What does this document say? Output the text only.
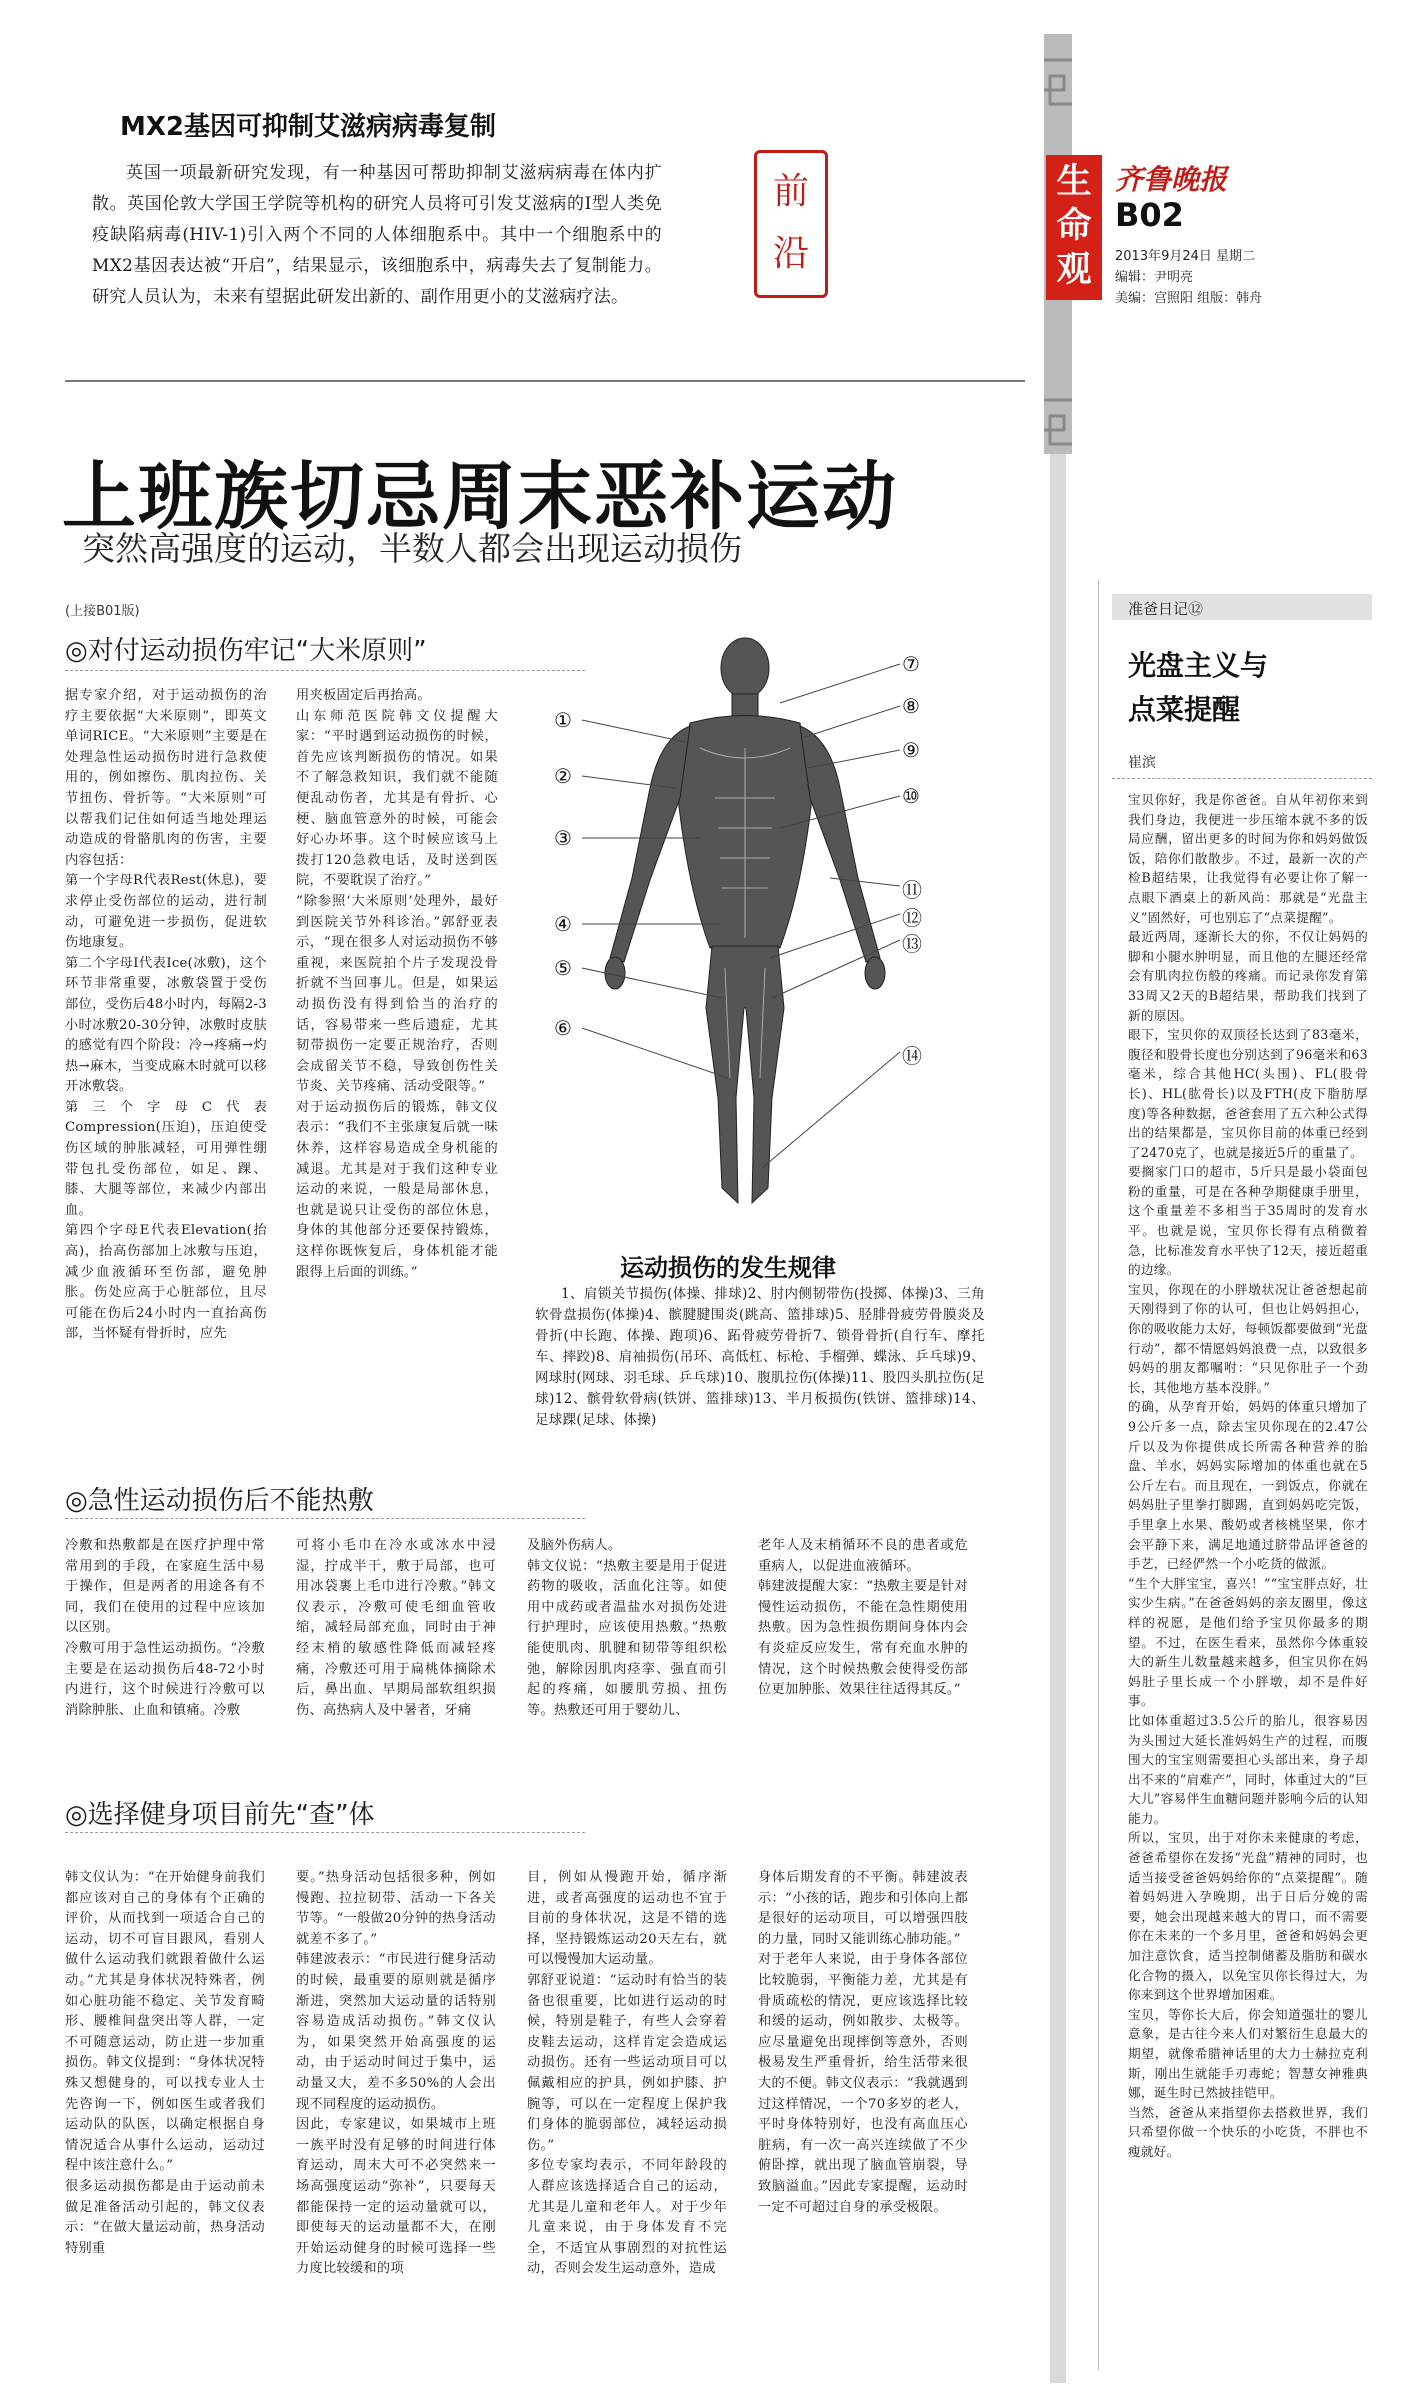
生命观
齐鲁晚报
B02
2013年9月24日 星期二
编辑：尹明亮
美编：宫照阳 组版：韩舟
MX2基因可抑制艾滋病病毒复制
英国一项最新研究发现，有一种基因可帮助抑制艾滋病病毒在体内扩散。英国伦敦大学国王学院等机构的研究人员将可引发艾滋病的Ⅰ型人类免疫缺陷病毒(HIV-1)引入两个不同的人体细胞系中。其中一个细胞系中的MX2基因表达被“开启”，结果显示，该细胞系中，病毒失去了复制能力。研究人员认为，未来有望据此研发出新的、副作用更小的艾滋病疗法。
前沿
上班族切忌周末恶补运动
突然高强度的运动，半数人都会出现运动损伤
(上接B01版)
◎对付运动损伤牢记“大米原则”
据专家介绍，对于运动损伤的治疗主要依据“大米原则”，即英文单词RICE。“大米原则”主要是在处理急性运动损伤时进行急救使用的，例如擦伤、肌肉拉伤、关节扭伤、骨折等。“大米原则”可以帮我们记住如何适当地处理运动造成的骨骼肌肉的伤害，主要内容包括：
第一个字母R代表Rest(休息)，要求停止受伤部位的运动，进行制动，可避免进一步损伤，促进软伤地康复。
第二个字母I代表Ice(冰敷)，这个环节非常重要，冰敷袋置于受伤部位，受伤后48小时内，每隔2-3小时冰敷20-30分钟，冰敷时皮肤的感觉有四个阶段：冷→疼痛→灼热→麻木，当变成麻木时就可以移开冰敷袋。
第三个字母C代表Compression(压迫)，压迫使受伤区域的肿胀减轻，可用弹性绷带包扎受伤部位，如足、踝、膝、大腿等部位，来减少内部出血。
第四个字母E代表Elevation(抬高)，抬高伤部加上冰敷与压迫，减少血液循环至伤部，避免肿胀。伤处应高于心脏部位，且尽可能在伤后24小时内一直抬高伤部，当怀疑有骨折时，应先
用夹板固定后再抬高。
山东师范医院韩文仪提醒大家：“平时遇到运动损伤的时候，首先应该判断损伤的情况。如果不了解急救知识，我们就不能随便乱动伤者，尤其是有骨折、心梗、脑血管意外的时候，可能会好心办坏事。这个时候应该马上拨打120急救电话，及时送到医院，不要耽误了治疗。”
“除参照‘大米原则’处理外，最好到医院关节外科诊治。”郭舒亚表示，“现在很多人对运动损伤不够重视，来医院拍个片子发现没骨折就不当回事儿。但是，如果运动损伤没有得到恰当的治疗的话，容易带来一些后遗症，尤其韧带损伤一定要正规治疗，否则会成留关节不稳，导致创伤性关节炎、关节疼痛、活动受限等。”
对于运动损伤后的锻炼，韩文仪表示：“我们不主张康复后就一味休养，这样容易造成全身机能的减退。尤其是对于我们这种专业运动的来说，一般是局部休息，也就是说只让受伤的部位休息，身体的其他部分还要保持锻炼，这样你既恢复后，身体机能才能跟得上后面的训练。”
①
②
③
④
⑤
⑥
⑦
⑧
⑨
⑩
⑪
⑫
⑬
⑭
运动损伤的发生规律
1、肩锁关节损伤(体操、排球)2、肘内侧韧带伤(投掷、体操)3、三角软骨盘损伤(体操)4、髌腱腱围炎(跳高、篮排球)5、胫腓骨疲劳骨膜炎及骨折(中长跑、体操、跑项)6、跖骨疲劳骨折7、锁骨骨折(自行车、摩托车、摔跤)8、肩袖损伤(吊环、高低杠、标枪、手榴弹、蝶泳、乒乓球)9、网球肘(网球、羽毛球、乒乓球)10、腹肌拉伤(体操)11、股四头肌拉伤(足球)12、髌骨软骨病(铁饼、篮排球)13、半月板损伤(铁饼、篮排球)14、足球踝(足球、体操)
◎急性运动损伤后不能热敷
冷敷和热敷都是在医疗护理中常常用到的手段，在家庭生活中易于操作，但是两者的用途各有不同，我们在使用的过程中应该加以区别。
冷敷可用于急性运动损伤。“冷敷主要是在运动损伤后48-72小时内进行，这个时候进行冷敷可以消除肿胀、止血和镇痛。冷敷
可将小毛巾在冷水或冰水中浸湿，拧成半干，敷于局部，也可用冰袋裹上毛巾进行冷敷。”韩文仪表示，冷敷可使毛细血管收缩，减轻局部充血，同时由于神经末梢的敏感性降低而减轻疼痛，冷敷还可用于扁桃体摘除术后，鼻出血、早期局部软组织损伤、高热病人及中暑者，牙痛
及脑外伤病人。
韩文仪说：“热敷主要是用于促进药物的吸收，活血化注等。如使用中成药或者温盐水对损伤处进行护理时，应该使用热敷。”热敷能使肌肉、肌腱和韧带等组织松弛，解除因肌肉痉挛、强直而引起的疼痛，如腰肌劳损、扭伤等。热敷还可用于婴幼儿、
老年人及末梢循环不良的患者或危重病人，以促进血液循环。
韩建波提醒大家：“热敷主要是针对慢性运动损伤，不能在急性期使用热敷。因为急性损伤期间身体内会有炎症反应发生，常有充血水肿的情况，这个时候热敷会使得受伤部位更加肿胀、效果往往适得其反。”
◎选择健身项目前先“查”体
韩文仪认为：“在开始健身前我们都应该对自己的身体有个正确的评价，从而找到一项适合自己的运动，切不可盲目跟风，看别人做什么运动我们就跟着做什么运动。”尤其是身体状况特殊者，例如心脏功能不稳定、关节发育畸形、腰椎间盘突出等人群，一定不可随意运动，防止进一步加重损伤。韩文仪提到：“身体状况特殊又想健身的，可以找专业人士先咨询一下，例如医生或者我们运动队的队医，以确定根据自身情况适合从事什么运动，运动过程中该注意什么。”
很多运动损伤都是由于运动前未做足准备活动引起的，韩文仪表示：“在做大量运动前，热身活动特别重
要。”热身活动包括很多种，例如慢跑、拉拉韧带、活动一下各关节等。“一般做20分钟的热身活动就差不多了。”
韩建波表示：“市民进行健身活动的时候，最重要的原则就是循序渐进，突然加大运动量的话特别容易造成活动损伤。”韩文仪认为，如果突然开始高强度的运动，由于运动时间过于集中，运动量又大，差不多50%的人会出现不同程度的运动损伤。
因此，专家建议，如果城市上班一族平时没有足够的时间进行体育运动，周末大可不必突然来一场高强度运动“弥补”，只要每天都能保持一定的运动量就可以，即使每天的运动量都不大，在刚开始运动健身的时候可选择一些力度比较缓和的项
目，例如从慢跑开始，循序渐进，或者高强度的运动也不宜于目前的身体状况，这是不错的选择，坚持锻炼运动20天左右，就可以慢慢加大运动量。
郭舒亚说道：“运动时有恰当的装备也很重要，比如进行运动的时候，特别是鞋子，有些人会穿着皮鞋去运动，这样肯定会造成运动损伤。还有一些运动项目可以佩戴相应的护具，例如护膝、护腕等，可以在一定程度上保护我们身体的脆弱部位，减轻运动损伤。”
多位专家均表示，不同年龄段的人群应该选择适合自己的运动，尤其是儿童和老年人。对于少年儿童来说，由于身体发育不完全，不适宜从事剧烈的对抗性运动，否则会发生运动意外，造成
身体后期发育的不平衡。韩建波表示：“小孩的话，跑步和引体向上都是很好的运动项目，可以增强四肢的力量，同时又能训练心肺功能。”
对于老年人来说，由于身体各部位比较脆弱，平衡能力差，尤其是有骨质疏松的情况，更应该选择比较和缓的运动，例如散步、太极等。应尽量避免出现摔倒等意外，否则极易发生严重骨折，给生活带来很大的不便。韩文仪表示：“我就遇到过这样情况，一个70多岁的老人，平时身体特别好，也没有高血压心脏病，有一次一高兴连续做了不少俯卧撑，就出现了脑血管崩裂，导致脑溢血。”因此专家提醒，运动时一定不可超过自身的承受极限。
准爸日记⑫
光盘主义与
点菜提醒
崔滨
宝贝你好，我是你爸爸。自从年初你来到我们身边，我便进一步压缩本就不多的饭局应酬，留出更多的时间为你和妈妈做饭饭，陪你们散散步。不过，最新一次的产检B超结果，让我觉得有必要让你了解一点眼下酒桌上的新风尚：那就是“光盘主义”固然好，可也别忘了“点菜提醒”。
最近两周，逐渐长大的你，不仅让妈妈的脚和小腿水肿明显，而且他的左腿还经常会有肌肉拉伤般的疼痛。而记录你发育第33周又2天的B超结果，帮助我们找到了新的原因。
眼下，宝贝你的双顶径长达到了83毫米，腹径和股骨长度也分别达到了96毫米和63毫米，综合其他HC(头围)、FL(股骨长)、HL(肱骨长)以及FTH(皮下脂肪厚度)等各种数据，爸爸套用了五六种公式得出的结果都是，宝贝你目前的体重已经到了2470克了，也就是接近5斤的重量了。
要搁家门口的超市，5斤只是最小袋面包粉的重量，可是在各种孕期健康手册里，这个重量差不多相当于35周时的发育水平。也就是说，宝贝你长得有点稍微着急，比标准发育水平快了12天，接近超重的边缘。
宝贝，你现在的小胖墩状况让爸爸想起前天刚得到了你的认可，但也让妈妈担心，你的吸收能力太好，每顿饭都要做到“光盘行动”，都不情愿妈妈浪费一点，以致很多妈妈的朋友都嘱咐：“只见你肚子一个劲长，其他地方基本没胖。”
的确，从孕育开始，妈妈的体重只增加了9公斤多一点，除去宝贝你现在的2.47公斤以及为你提供成长所需各种营养的胎盘、羊水，妈妈实际增加的体重也就在5公斤左右。而且现在，一到饭点，你就在妈妈肚子里拳打脚踢，直到妈妈吃完饭，手里拿上水果、酸奶或者核桃坚果，你才会平静下来，满足地通过脐带品评爸爸的手艺，已经俨然一个小吃货的做派。
“生个大胖宝宝，喜兴！”“宝宝胖点好，壮实少生病。”在爸爸妈妈的亲友圈里，像这样的祝愿，是他们给予宝贝你最多的期望。不过，在医生看来，虽然你今体重较大的新生儿数量越来越多，但宝贝你在妈妈肚子里长成一个小胖墩，却不是件好事。
比如体重超过3.5公斤的胎儿，很容易因为头围过大延长准妈妈生产的过程，而腹围大的宝宝则需要担心头部出来，身子却出不来的“肩难产”，同时，体重过大的“巨大儿”容易伴生血糖问题并影响今后的认知能力。
所以，宝贝，出于对你未来健康的考虑，爸爸希望你在发扬“光盘”精神的同时，也适当接受爸爸妈妈给你的“点菜提醒”。随着妈妈进入孕晚期，出于日后分娩的需要，她会出现越来越大的胃口，而不需要你在未来的一个多月里，爸爸和妈妈会更加注意饮食，适当控制储蓄及脂肪和碳水化合物的摄入，以免宝贝你长得过大，为你来到这个世界增加困难。
宝贝，等你长大后，你会知道强壮的婴儿意象，是古往今来人们对繁衍生息最大的期望，就像希腊神话里的大力士赫拉克利斯，刚出生就能手刃毒蛇；智慧女神雅典娜，诞生时已然披挂铠甲。
当然，爸爸从来指望你去搭救世界，我们只希望你做一个快乐的小吃货，不胖也不瘦就好。
